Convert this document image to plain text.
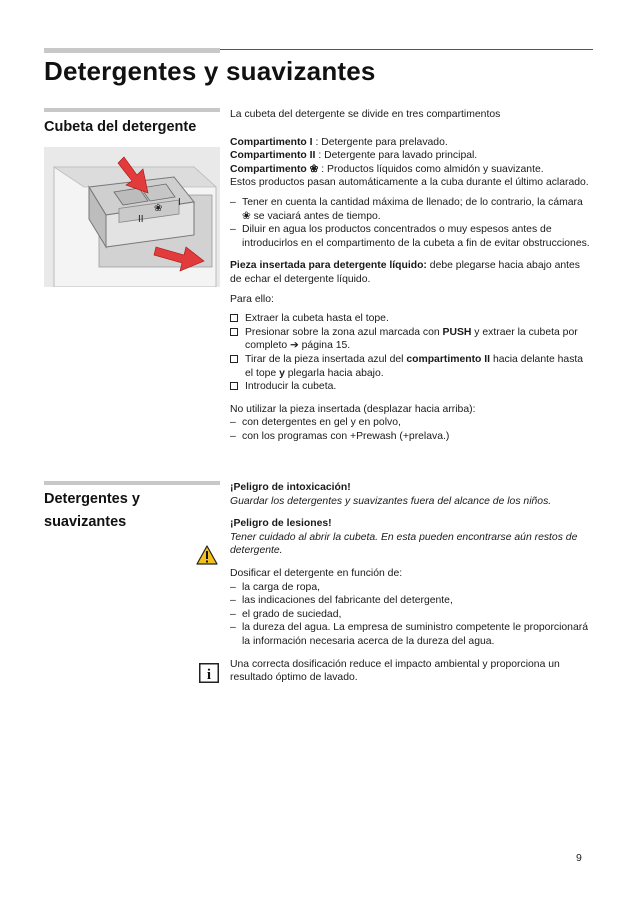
Detergentes y suavizantes
Cubeta del detergente
❀
I
II

La cubeta del detergente se divide en tres compartimentos

Compartimento I : Detergente para prelavado.

Compartimento II : Detergente para lavado principal.

Compartimento ❀ : Productos líquidos como almidón y suavizante.

Estos productos pasan automáticamente a la cuba durante el último aclarado.

– Tener en cuenta la cantidad máxima de llenado; de lo contrario, la cámara ❀ se vaciará antes de tiempo.

– Diluir en agua los productos concentrados o muy espesos antes de introducirlos en el compartimento de la cubeta a fin de evitar obstrucciones.

Pieza insertada para detergente líquido: debe plegarse hacia abajo antes de echar el detergente líquido.

Para ello:

Extraer la cubeta hasta el tope.

Presionar sobre la zona azul marcada con PUSH y extraer la cubeta por completo ➔ página 15.

Tirar de la pieza insertada azul del compartimento II hacia delante hasta el tope y plegarla hacia abajo.

Introducir la cubeta.

No utilizar la pieza insertada (desplazar hacia arriba):

– con detergentes en gel y en polvo,

– con los programas con +Prewash (+prelava.)

Detergentes y suavizantes
i

¡Peligro de intoxicación!

Guardar los detergentes y suavizantes fuera del alcance de los niños.

¡Peligro de lesiones!

Tener cuidado al abrir la cubeta. En esta pueden encontrarse aún restos de detergente.

Dosificar el detergente en función de:

– la carga de ropa,

– las indicaciones del fabricante del detergente,

– el grado de suciedad,

– la dureza del agua. La empresa de suministro competente le proporcionará la información necesaria acerca de la dureza del agua.

Una correcta dosificación reduce el impacto ambiental y proporciona un resultado óptimo de lavado.

9
